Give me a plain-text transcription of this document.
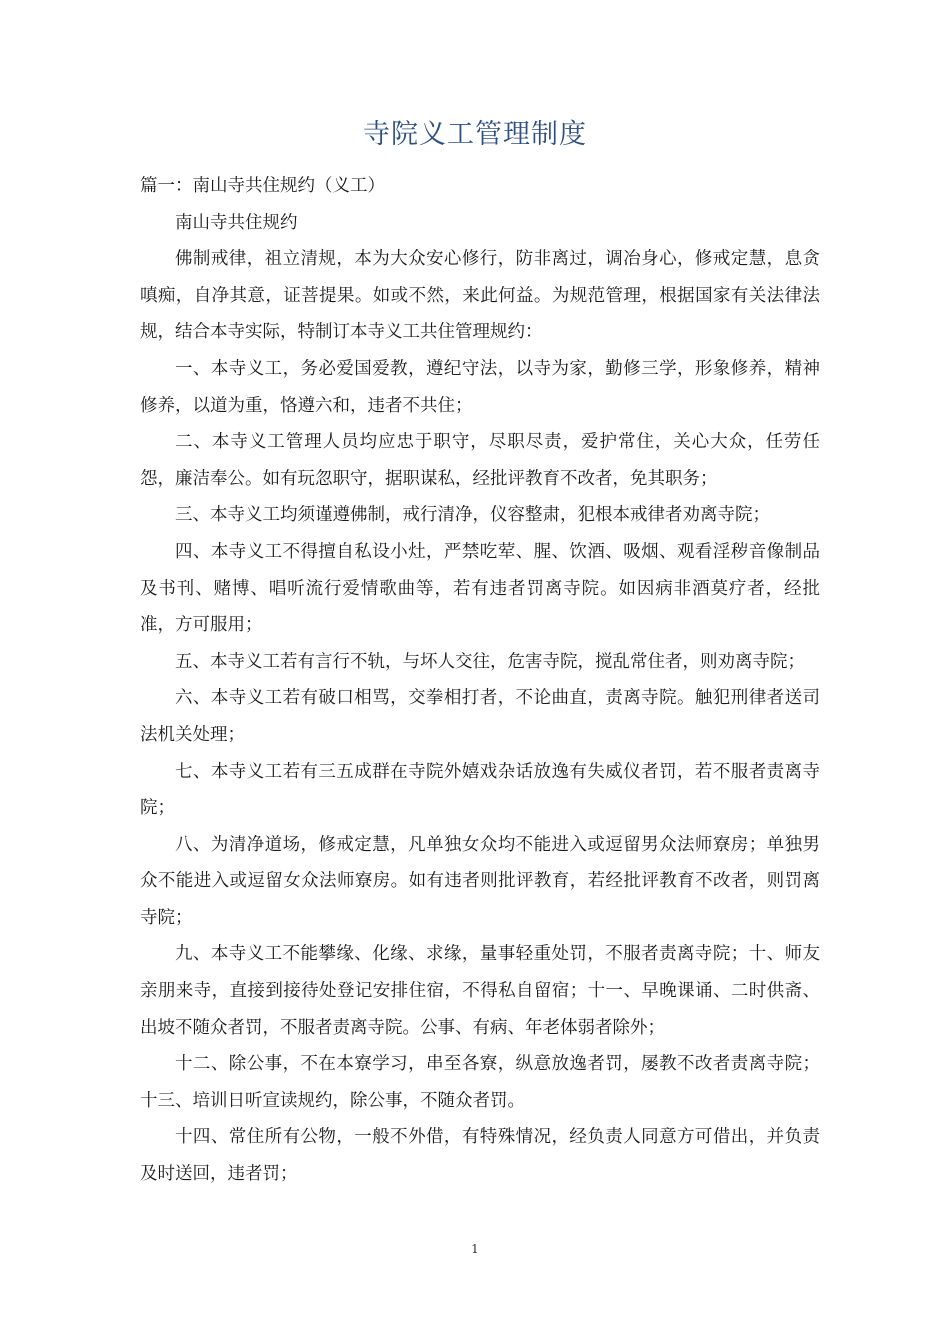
寺院义工管理制度

篇一：南山寺共住规约（义工）

南山寺共住规约

佛制戒律，祖立清规，本为大众安心修行，防非离过，调冶身心，修戒定慧，息贪嗔痴，自净其意，证菩提果。如或不然，来此何益。为规范管理，根据国家有关法律法规，结合本寺实际，特制订本寺义工共住管理规约：

一、本寺义工，务必爱国爱教，遵纪守法，以寺为家，勤修三学，形象修养，精神修养，以道为重，恪遵六和，违者不共住；

二、本寺义工管理人员均应忠于职守，尽职尽责，爱护常住，关心大众，任劳任怨，廉洁奉公。如有玩忽职守，据职谋私，经批评教育不改者，免其职务；

三、本寺义工均须谨遵佛制，戒行清净，仪容整肃，犯根本戒律者劝离寺院；

四、本寺义工不得擅自私设小灶，严禁吃荤、腥、饮酒、吸烟、观看淫秽音像制品及书刊、赌博、唱听流行爱情歌曲等，若有违者罚离寺院。如因病非酒莫疗者，经批准，方可服用；

五、本寺义工若有言行不轨，与坏人交往，危害寺院，搅乱常住者，则劝离寺院；

六、本寺义工若有破口相骂，交拳相打者，不论曲直，责离寺院。触犯刑律者送司法机关处理；

七、本寺义工若有三五成群在寺院外嬉戏杂话放逸有失威仪者罚，若不服者责离寺院；

八、为清净道场，修戒定慧，凡单独女众均不能进入或逗留男众法师寮房；单独男众不能进入或逗留女众法师寮房。如有违者则批评教育，若经批评教育不改者，则罚离寺院；

九、本寺义工不能攀缘、化缘、求缘，量事轻重处罚，不服者责离寺院；十、师友亲朋来寺，直接到接待处登记安排住宿，不得私自留宿；十一、早晚课诵、二时供斋、出坡不随众者罚，不服者责离寺院。公事、有病、年老体弱者除外；

十二、除公事，不在本寮学习，串至各寮，纵意放逸者罚，屡教不改者责离寺院；十三、培训日听宣读规约，除公事，不随众者罚。

十四、常住所有公物，一般不外借，有特殊情况，经负责人同意方可借出，并负责及时送回，违者罚；

1
